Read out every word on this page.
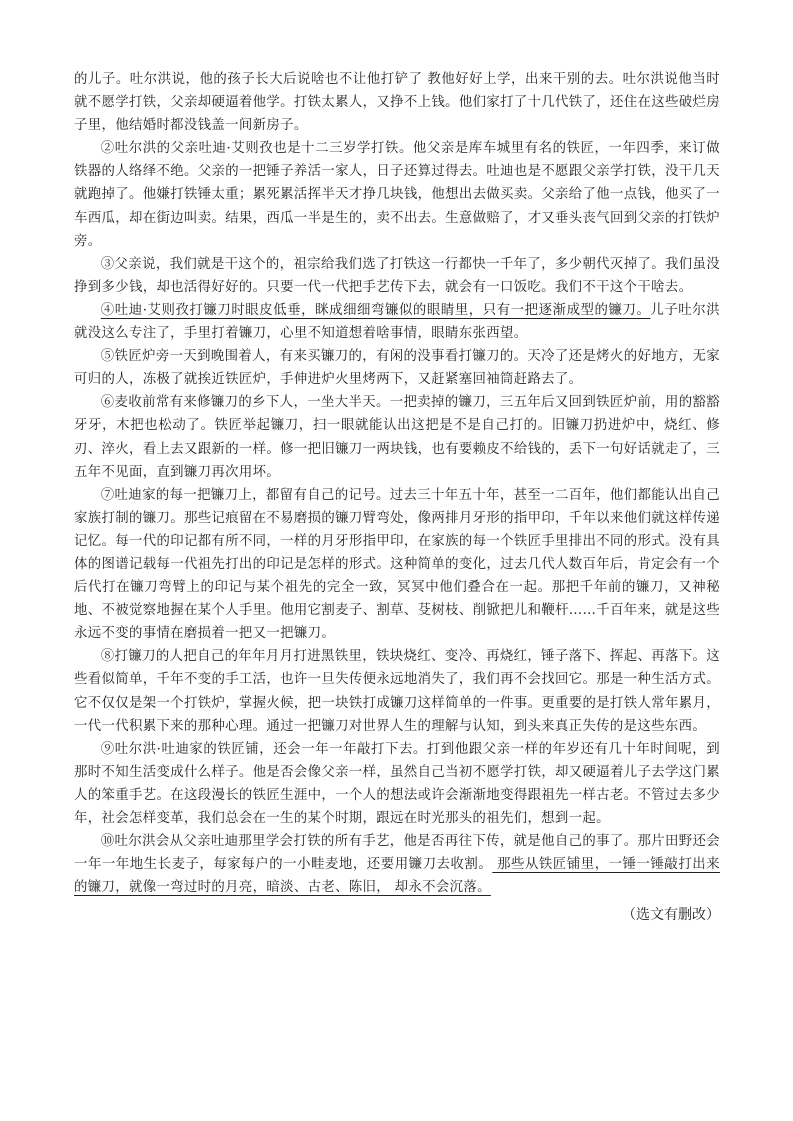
的儿子。吐尔洪说，他的孩子长大后说啥也不让他打铲了 教他好好上学，出来干别的去。吐尔洪说他当时就不愿学打铁，父亲却硬逼着他学。打铁太累人，又挣不上钱。他们家打了十几代铁了，还住在这些破烂房子里，他结婚时都没钱盖一间新房子。

②吐尔洪的父亲吐迪·艾则孜也是十二三岁学打铁。他父亲是库车城里有名的铁匠，一年四季，来订做铁器的人络绎不绝。父亲的一把锤子养活一家人，日子还算过得去。吐迪也是不愿跟父亲学打铁，没干几天就跑掉了。他嫌打铁锤太重；累死累活挥半天才挣几块钱，他想出去做买卖。父亲给了他一点钱，他买了一车西瓜，却在街边叫卖。结果，西瓜一半是生的，卖不出去。生意做赔了，才又垂头丧气回到父亲的打铁炉旁。

③父亲说，我们就是干这个的，祖宗给我们选了打铁这一行都快一千年了，多少朝代灭掉了。我们虽没挣到多少钱，却也活得好好的。只要一代一代把手艺传下去，就会有一口饭吃。我们不干这个干啥去。

④吐迪·艾则孜打镰刀时眼皮低垂，眯成细细弯镰似的眼睛里，只有一把逐渐成型的镰刀。儿子吐尔洪就没这么专注了，手里打着镰刀，心里不知道想着啥事情，眼睛东张西望。

⑤铁匠炉旁一天到晚围着人，有来买镰刀的，有闲的没事看打镰刀的。天冷了还是烤火的好地方，无家可归的人，冻极了就挨近铁匠炉，手伸进炉火里烤两下，又赶紧塞回袖筒赶路去了。

⑥麦收前常有来修镰刀的乡下人，一坐大半天。一把卖掉的镰刀，三五年后又回到铁匠炉前，用的豁豁牙牙，木把也松动了。铁匠举起镰刀，扫一眼就能认出这把是不是自己打的。旧镰刀扔进炉中，烧红、修刃、淬火，看上去又跟新的一样。修一把旧镰刀一两块钱，也有要赖皮不给钱的，丢下一句好话就走了，三五年不见面，直到镰刀再次用坏。

⑦吐迪家的每一把镰刀上，都留有自己的记号。过去三十年五十年，甚至一二百年，他们都能认出自己家族打制的镰刀。那些记痕留在不易磨损的镰刀臂弯处，像两排月牙形的指甲印，千年以来他们就这样传递记忆。每一代的印记都有所不同，一样的月牙形指甲印，在家族的每一个铁匠手里排出不同的形式。没有具体的图谱记载每一代祖先打出的印记是怎样的形式。这种简单的变化，过去几代人数百年后，肯定会有一个后代打在镰刀弯臂上的印记与某个祖先的完全一致，冥冥中他们叠合在一起。那把千年前的镰刀，又神秘地、不被觉察地握在某个人手里。他用它割麦子、割草、芟树枝、削锨把儿和鞭杆……千百年来，就是这些永远不变的事情在磨损着一把又一把镰刀。

⑧打镰刀的人把自己的年年月月打进黑铁里，铁块烧红、变冷、再烧红，锤子落下、挥起、再落下。这些看似简单，千年不变的手工活，也许一旦失传便永远地消失了，我们再不会找回它。那是一种生活方式。它不仅仅是架一个打铁炉，掌握火候，把一块铁打成镰刀这样简单的一件事。更重要的是打铁人常年累月，一代一代积累下来的那种心理。通过一把镰刀对世界人生的理解与认知，到头来真正失传的是这些东西。

⑨吐尔洪·吐迪家的铁匠铺，还会一年一年敲打下去。打到他跟父亲一样的年岁还有几十年时间呢，到那时不知生活变成什么样子。他是否会像父亲一样，虽然自己当初不愿学打铁，却又硬逼着儿子去学这门累人的笨重手艺。在这段漫长的铁匠生涯中，一个人的想法或许会渐渐地变得跟祖先一样古老。不管过去多少年，社会怎样变革，我们总会在一生的某个时期，跟远在时光那头的祖先们，想到一起。

⑩吐尔洪会从父亲吐迪那里学会打铁的所有手艺，他是否再往下传，就是他自己的事了。那片田野还会一年一年地生长麦子，每家每户的一小畦麦地，还要用镰刀去收割。 那些从铁匠铺里，一锤一锤敲打出来的镰刀，就像一弯过时的月亮，暗淡、古老、陈旧， 却永不会沉落。

（选文有删改）
